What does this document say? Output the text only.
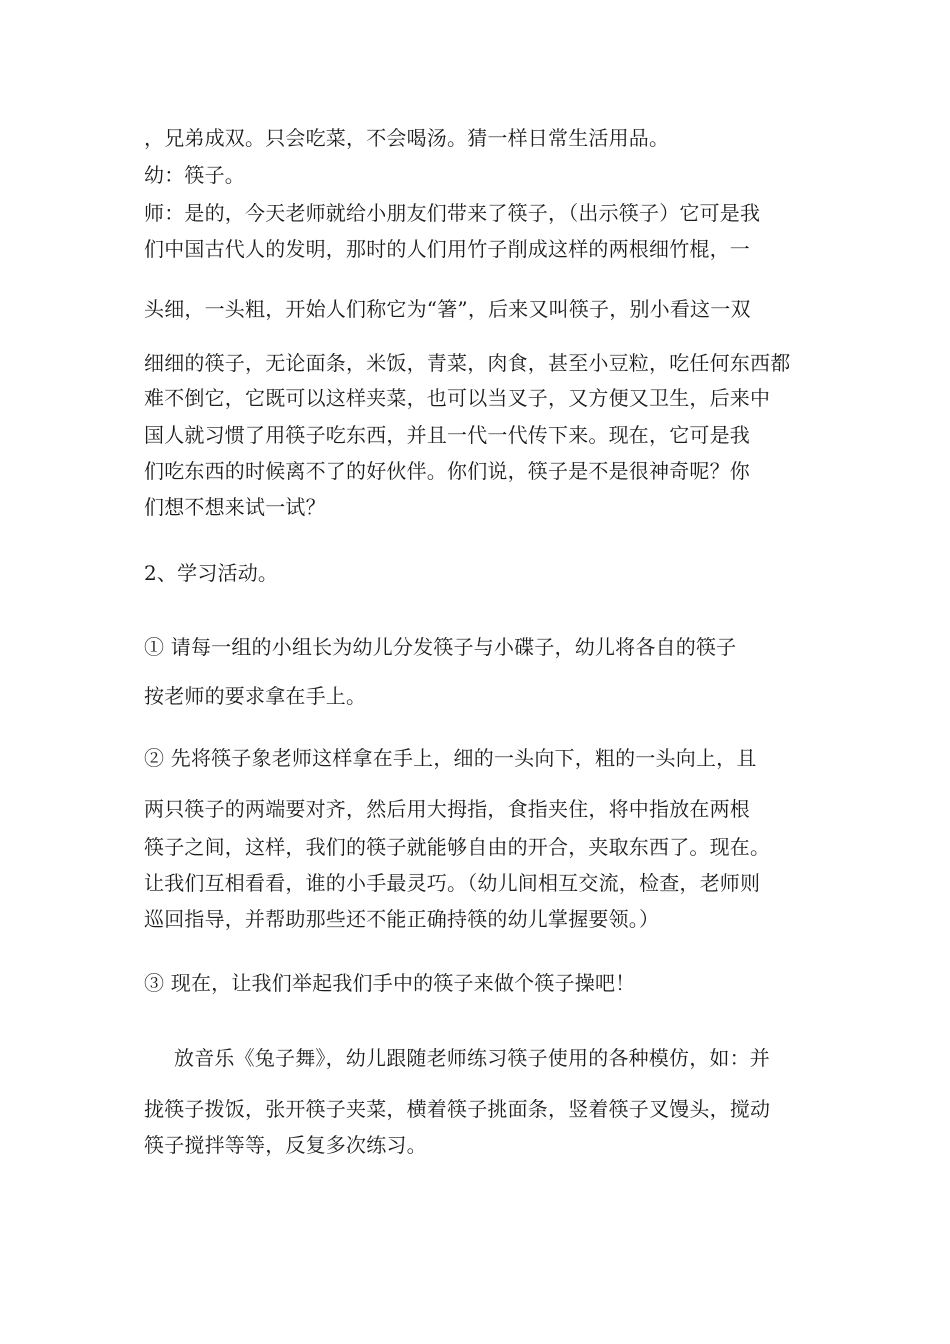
，兄弟成双。只会吃菜，不会喝汤。猜一样日常生活用品。
幼：筷子。
师：是的，今天老师就给小朋友们带来了筷子，（出示筷子）它可是我
们中国古代人的发明，那时的人们用竹子削成这样的两根细竹棍，一
头细，一头粗，开始人们称它为“箸”，后来又叫筷子，别小看这一双
细细的筷子，无论面条，米饭，青菜，肉食，甚至小豆粒，吃任何东西都
难不倒它，它既可以这样夹菜，也可以当叉子，又方便又卫生，后来中
国人就习惯了用筷子吃东西，并且一代一代传下来。现在，它可是我
们吃东西的时候离不了的好伙伴。你们说，筷子是不是很神奇呢？你
们想不想来试一试？
2、学习活动。
① 请每一组的小组长为幼儿分发筷子与小碟子，幼儿将各自的筷子
按老师的要求拿在手上。
② 先将筷子象老师这样拿在手上，细的一头向下，粗的一头向上，且
两只筷子的两端要对齐，然后用大拇指，食指夹住，将中指放在两根
筷子之间，这样，我们的筷子就能够自由的开合，夹取东西了。现在。
让我们互相看看，谁的小手最灵巧。（幼儿间相互交流，检查，老师则
巡回指导，并帮助那些还不能正确持筷的幼儿掌握要领。）
③ 现在，让我们举起我们手中的筷子来做个筷子操吧！
放音乐《兔子舞》，幼儿跟随老师练习筷子使用的各种模仿，如：并
拢筷子拨饭，张开筷子夹菜，横着筷子挑面条，竖着筷子叉馒头，搅动
筷子搅拌等等，反复多次练习。
